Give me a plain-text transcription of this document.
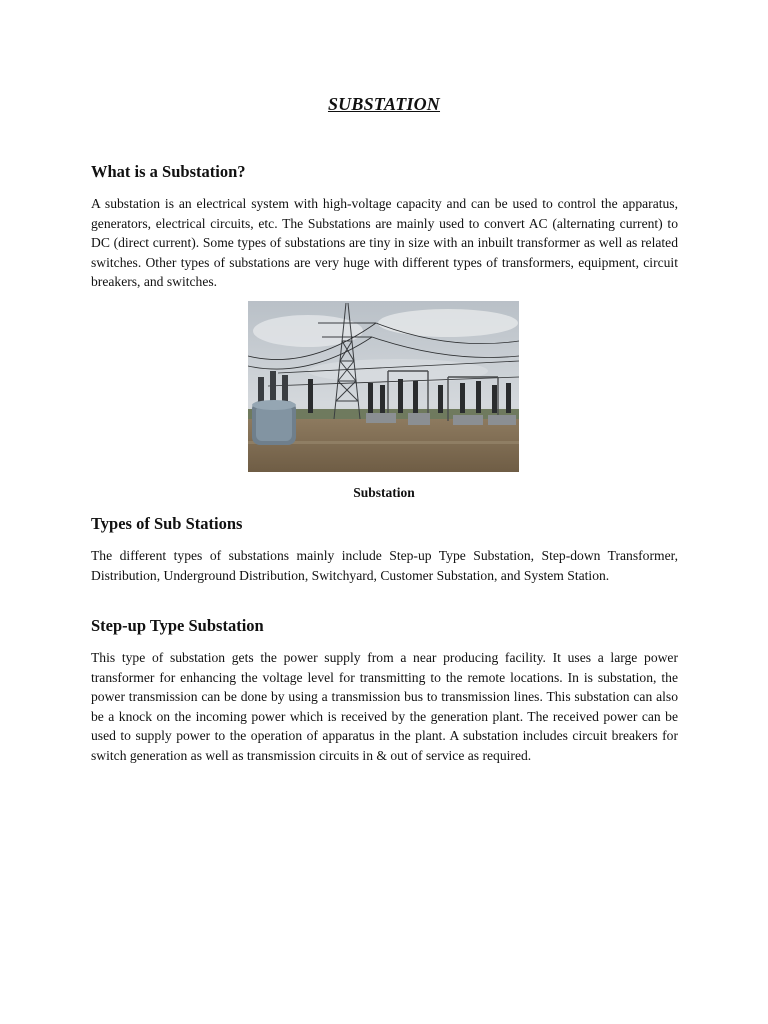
SUBSTATION
What is a Substation?
A substation is an electrical system with high-voltage capacity and can be used to control the apparatus, generators, electrical circuits, etc. The Substations are mainly used to convert AC (alternating current) to DC (direct current). Some types of substations are tiny in size with an inbuilt transformer as well as related switches. Other types of substations are very huge with different types of transformers, equipment, circuit breakers, and switches.
Substation
Types of Sub Stations
The different types of substations mainly include Step-up Type Substation, Step-down Transformer, Distribution, Underground Distribution, Switchyard, Customer Substation, and System Station.
Step-up Type Substation
This type of substation gets the power supply from a near producing facility. It uses a large power transformer for enhancing the voltage level for transmitting to the remote locations. In is substation, the power transmission can be done by using a transmission bus to transmission lines. This substation can also be a knock on the incoming power which is received by the generation plant. The received power can be used to supply power to the operation of apparatus in the plant. A substation includes circuit breakers for switch generation as well as transmission circuits in & out of service as required.
